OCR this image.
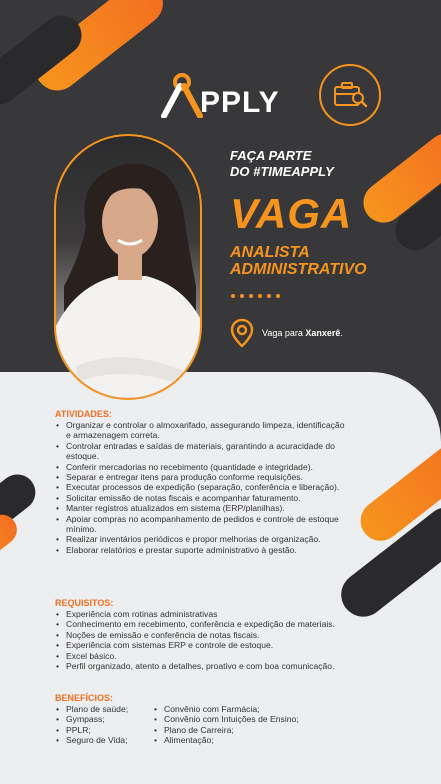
PPLY
FAÇA PARTE
DO #TIMEAPPLY
VAGA
ANALISTA
ADMINISTRATIVO
Vaga para Xanxerê.
ATIVIDADES:
• Organizar e controlar o almoxarifado, assegurando limpeza, identificação e armazenagem correta.
• Controlar entradas e saídas de materiais, garantindo a acuracidade do estoque.
• Conferir mercadorias no recebimento (quantidade e integridade).
• Separar e entregar itens para produção conforme requisições.
• Executar processos de expedição (separação, conferência e liberação).
• Solicitar emissão de notas fiscais e acompanhar faturamento.
• Manter registros atualizados em sistema (ERP/planilhas).
• Apoiar compras no acompanhamento de pedidos e controle de estoque mínimo.
• Realizar inventários periódicos e propor melhorias de organização.
• Elaborar relatórios e prestar suporte administrativo à gestão.
REQUISITOS:
• Experiência com rotinas administrativas
• Conhecimento em recebimento, conferência e expedição de materiais.
• Noções de emissão e conferência de notas fiscais.
• Experiência com sistemas ERP e controle de estoque.
• Excel básico.
• Perfil organizado, atento a detalhes, proativo e com boa comunicação.
BENEFÍCIOS:
• Plano de saúde;
• Gympass;
• PPLR;
• Seguro de Vida;
• Convênio com Farmácia;
• Convênio com Intuições de Ensino;
• Plano de Carreira;
• Alimentação;
